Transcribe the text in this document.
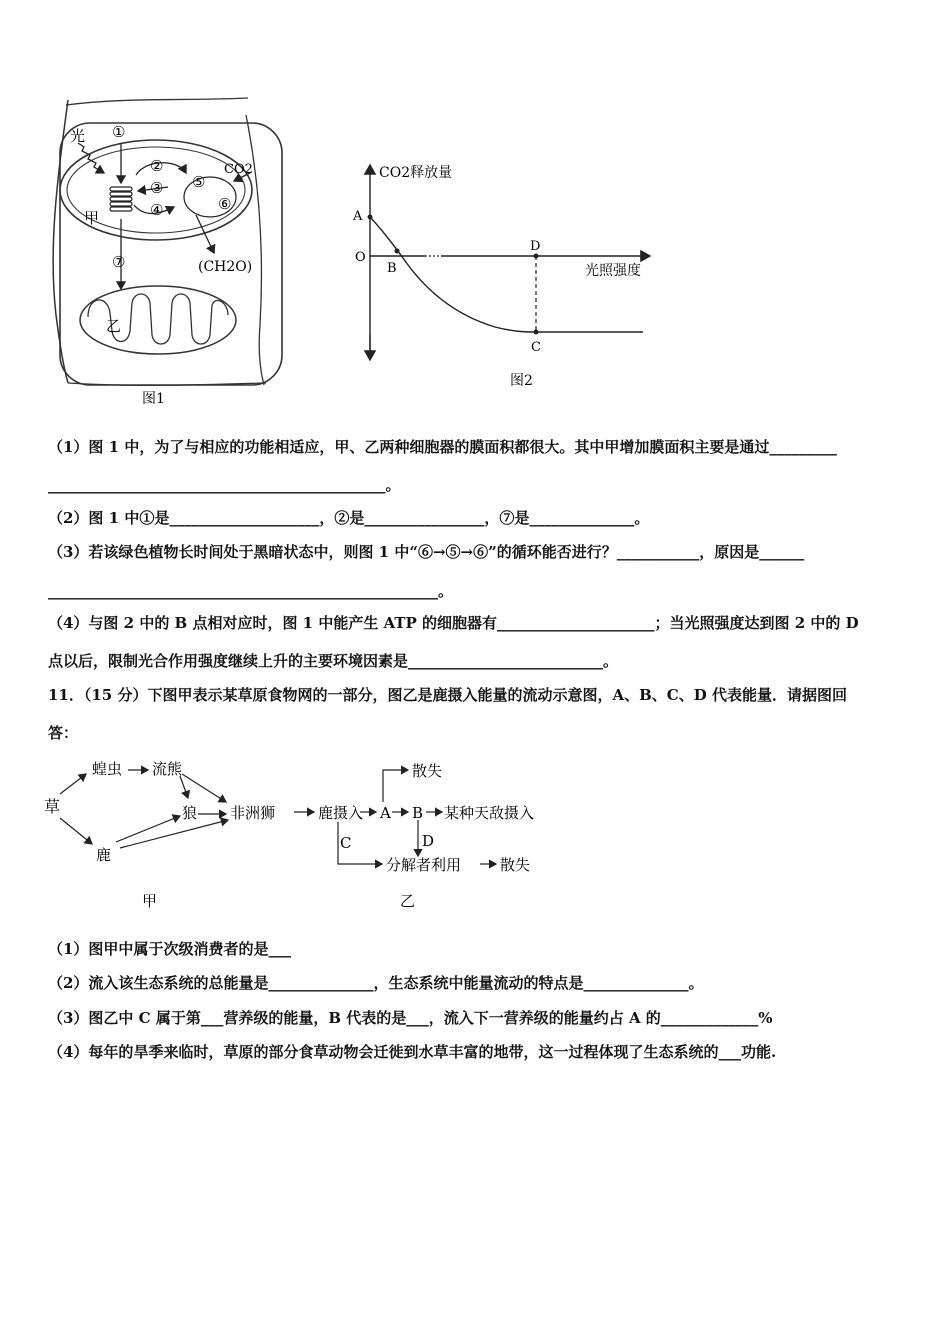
光 ①
②
③
④
⑤
⑥
CO2
甲
⑦	(CH2O)
乙
图1
CO2释放量
光照强度
A
O
B
D
C
图2
（1）图 1 中，为了与相应的功能相适应，甲、乙两种细胞器的膜面积都很大。其中甲增加膜面积主要是通过_________
_____________________________________________。
（2）图 1 中①是____________________，②是________________，⑦是______________。
（3）若该绿色植物长时间处于黑暗状态中，则图 1 中“⑥→⑤→⑥”的循环能否进行？___________，原因是______
____________________________________________________。
（4）与图 2 中的 B 点相对应时，图 1 中能产生 ATP 的细胞器有_____________________；当光照强度达到图 2 中的 D
点以后，限制光合作用强度继续上升的主要环境因素是__________________________。
11．（15 分）下图甲表示某草原食物网的一部分，图乙是鹿摄入能量的流动示意图，A、B、C、D 代表能量．请据图回
答：
草
蝗虫 流熊
狼 非洲狮
鹿
甲
鹿摄入 A B 某种天敌摄入
散失
D
C
分解者利用	散失
乙
（1）图甲中属于次级消费者的是___
（2）流入该生态系统的总能量是______________，生态系统中能量流动的特点是______________。
（3）图乙中 C 属于第___营养级的能量，B 代表的是___，流入下一营养级的能量约占 A 的_____________%
（4）每年的旱季来临时，草原的部分食草动物会迁徙到水草丰富的地带，这一过程体现了生态系统的___功能.
